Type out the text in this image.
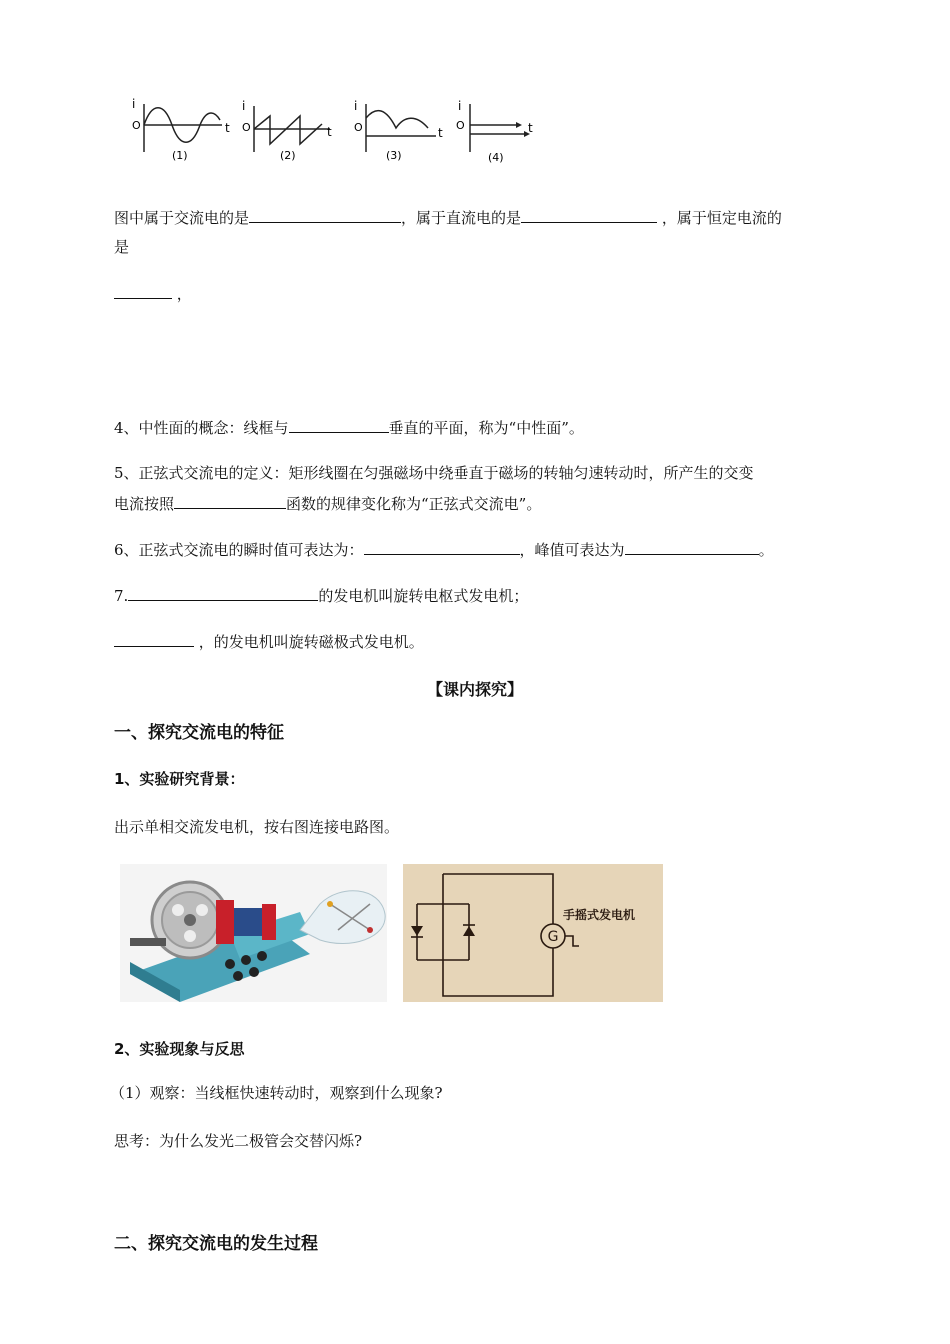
i
O	t
(1)
i
O	t
(2)
i
O	t
(3)
i
O	t
(4)
图中属于交流电的是	，属于直流电的是	，属于恒定电流的
是
，
4、中性面的概念：线框与	垂直的平面，称为“中性面”。
5、正弦式交流电的定义：矩形线圈在匀强磁场中绕垂直于磁场的转轴匀速转动时，所产生的交变
电流按照	函数的规律变化称为“正弦式交流电”。
6、正弦式交流电的瞬时值可表达为：	，峰值可表达为	。
7.	的发电机叫旋转电枢式发电机；
，的发电机叫旋转磁极式发电机。
【课内探究】
一、探究交流电的特征
1、实验研究背景：
出示单相交流发电机，按右图连接电路图。
G
手摇式发电机
2、实验现象与反思
（1）观察：当线框快速转动时，观察到什么现象?
思考：为什么发光二极管会交替闪烁?
二、探究交流电的发生过程
